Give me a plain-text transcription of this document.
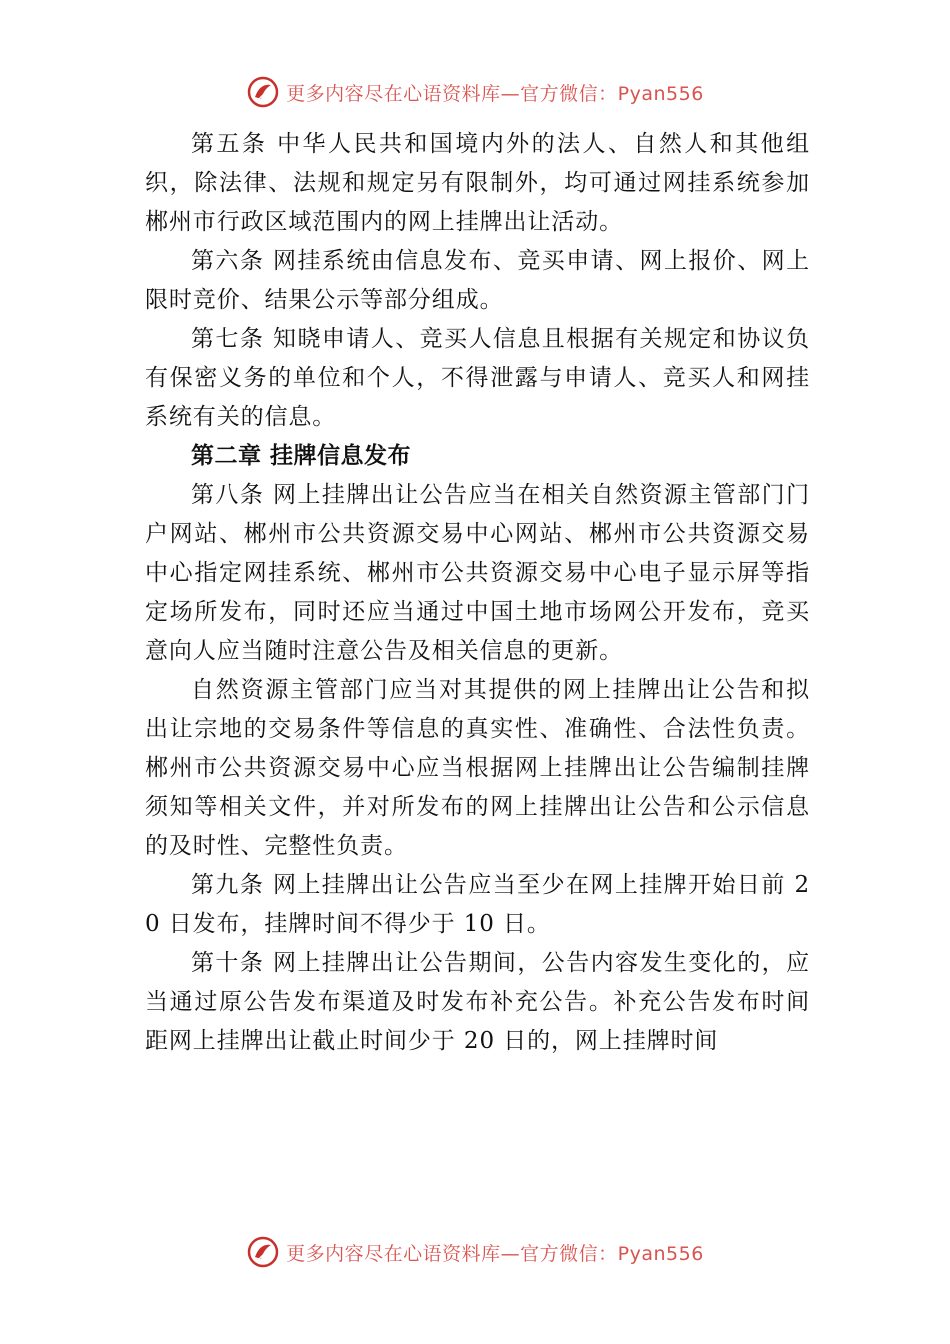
更多内容尽在心语资料库—官方微信：Pyan556

第五条 中华人民共和国境内外的法人、自然人和其他组织，除法律、法规和规定另有限制外，均可通过网挂系统参加郴州市行政区域范围内的网上挂牌出让活动。

第六条 网挂系统由信息发布、竞买申请、网上报价、网上限时竞价、结果公示等部分组成。

第七条 知晓申请人、竞买人信息且根据有关规定和协议负有保密义务的单位和个人，不得泄露与申请人、竞买人和网挂系统有关的信息。

第二章 挂牌信息发布

第八条 网上挂牌出让公告应当在相关自然资源主管部门门户网站、郴州市公共资源交易中心网站、郴州市公共资源交易中心指定网挂系统、郴州市公共资源交易中心电子显示屏等指定场所发布，同时还应当通过中国土地市场网公开发布，竞买意向人应当随时注意公告及相关信息的更新。

自然资源主管部门应当对其提供的网上挂牌出让公告和拟出让宗地的交易条件等信息的真实性、准确性、合法性负责。郴州市公共资源交易中心应当根据网上挂牌出让公告编制挂牌须知等相关文件，并对所发布的网上挂牌出让公告和公示信息的及时性、完整性负责。

第九条 网上挂牌出让公告应当至少在网上挂牌开始日前 20 日发布，挂牌时间不得少于 10 日。

第十条 网上挂牌出让公告期间，公告内容发生变化的，应当通过原公告发布渠道及时发布补充公告。补充公告发布时间距网上挂牌出让截止时间少于 20 日的，网上挂牌时间

更多内容尽在心语资料库—官方微信：Pyan556
